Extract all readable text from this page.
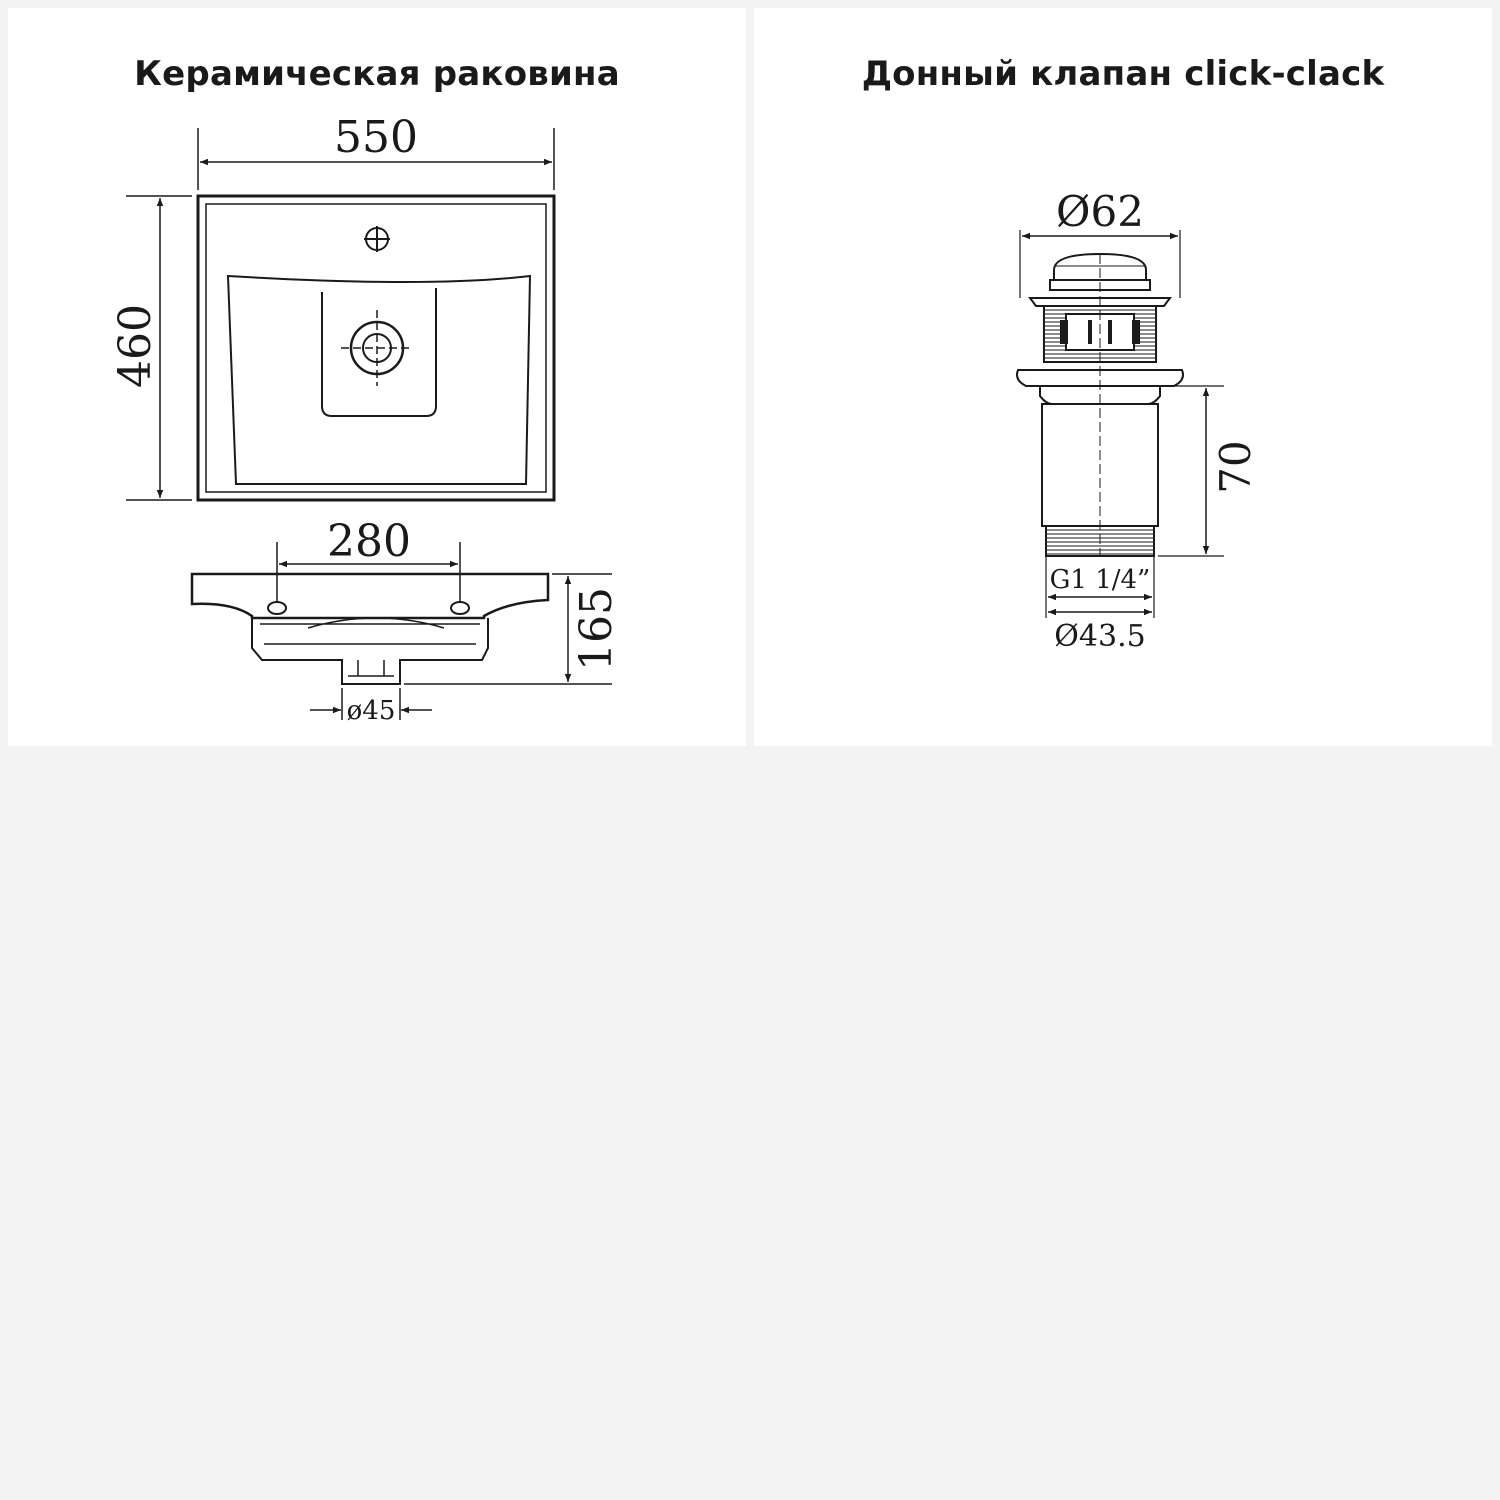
Керамическая раковина
550
460
280
165
ø45
Донный клапан click-clack
Ø62
70
G1 1/4”
Ø43.5
